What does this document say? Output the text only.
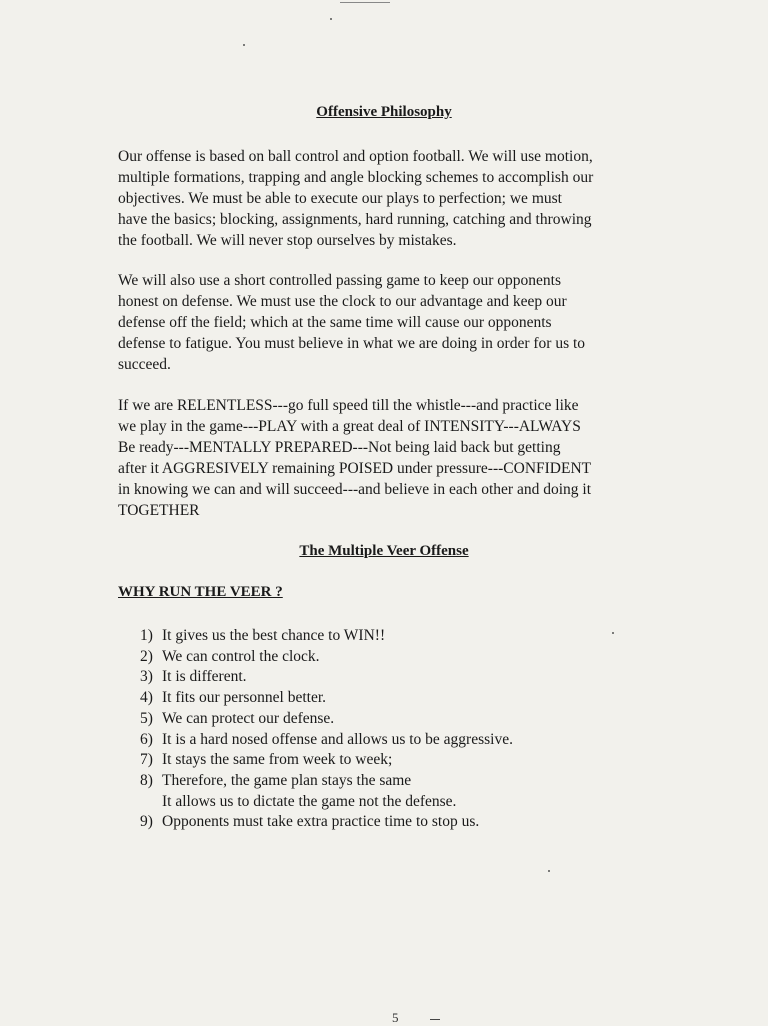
Offensive Philosophy
Our offense is based on ball control and option football. We will use motion,
multiple formations, trapping and angle blocking schemes to accomplish our
objectives. We must be able to execute our plays to perfection; we must
have the basics; blocking, assignments, hard running, catching and throwing
the football. We will never stop ourselves by mistakes.
We will also use a short controlled passing game to keep our opponents
honest on defense. We must use the clock to our advantage and keep our
defense off the field; which at the same time will cause our opponents
defense to fatigue. You must believe in what we are doing in order for us to
succeed.
If we are RELENTLESS---go full speed till the whistle---and practice like
we play in the game---PLAY with a great deal of INTENSITY---ALWAYS
Be ready---MENTALLY PREPARED---Not being laid back but getting
after it AGGRESIVELY remaining POISED under pressure---CONFIDENT
in knowing we can and will succeed---and believe in each other and doing it
TOGETHER
The Multiple Veer Offense
WHY RUN THE VEER ?
1) It gives us the best chance to WIN!!
2) We can control the clock.
3) It is different.
4) It fits our personnel better.
5) We can protect our defense.
6) It is a hard nosed offense and allows us to be aggressive.
7) It stays the same from week to week;
8) Therefore, the game plan stays the same
It allows us to dictate the game not the defense.
9) Opponents must take extra practice time to stop us.
5
